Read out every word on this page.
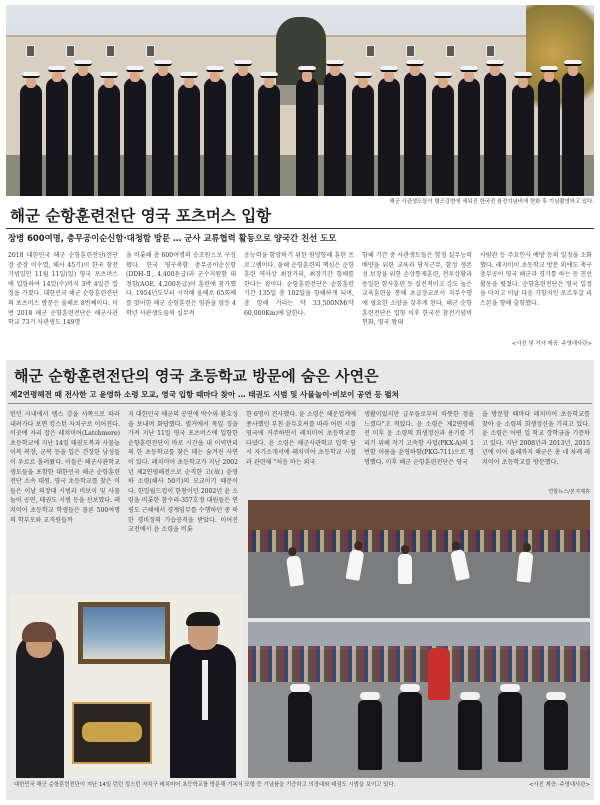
해군 사관생도들이 템즈강변에 세워진 한국전 참전기념비에 헌화 후 기념촬영하고 있다.
해군 순항훈련전단 영국 포츠머스 입항
장병 600여명, 충무공이순신함·대청함 방문 … 군사 교류협력 활동으로 양국간 친선 도모
2018 대한민국 해군 순항훈련전단(전단장 준장 이수열, 해사 45기)이 한국 참전기념일인 11월 11일(일) 영국 포츠머스에 입항하여 14일(수)까지 3박 4일간 일정을 가졌다. 대한민국 해군 순항훈련전단의 포츠머스 방문은 올해로 8번째이다. 이번 2018 해군 순항훈련전단은 해군사관학교 73기 사관생도 149명
을 비롯해 총 600여명의 승조원으로 구성됐다. 한국 영구축함 충무공이순신함(DDH-Ⅱ, 4,400톤급)과 군수지원함 대청함(AOE, 4,200톤급)이 훈련에 참가했다. 1954년도부터 시작해 올해로 65회째를 맞이한 해군 순항훈련은 임관을 앞둔 4학년 사관생도들의 실무적
응능력을 함양하기 위한 원양항해 훈련 프로그램이다. 올해 순항훈련의 핵심은 순항훈련 역사상 최장거리, 최장기간 항해를 한다는 점이다. 순항훈련전단은 순항훈련 기간 135일 총 102일을 항해하게 되며, 총 항해 거리는 약 33,500NM(약 60,000Km)에 달한다.
항해 기간 중 사관생도들은 함정 실무능력배양을 위한 교육과 당직근무, 함정 생존성 보장을 위한 손상통제훈련, 전투상황과 동일한 함사훈련 등 실전적이고 강도 높은 교육훈련을 통해 초급장교로서 직무수행에 필요한 소양을 갖추게 된다. 해군 순항훈련전단은 입항 이후 한국전 참전기념비 헌화, 영국 왕대
사람관 등 주요인사 예방 등의 일정을 소화했다. 레지미이 초등학교 방문 외에도 축구 충무공이 영국 해군과 경기를 하는 등 친선 활동을 펼쳤다. 순항훈련전단은 영국 일정을 마치고 이날 다음 기항지인 포르투갈 리스본을 향해 출항했다.
<사진 및 기사 제공: 주영대사관>
해군 순항훈련전단의 영국 초등학교 방문에 숨은 사연은
제2연평해전 때 전사한 고 윤영하 소령 모교, 영국 입항 때마다 찾아 … 태권도 시범 및 사물놀이·비보이 공연 등 펼쳐
런던 시내에서 템스 강을 서쪽으로 따라 내려가다 보면 킹스턴 자치구로 이어진다. 이곳에 자리 잡은 레치미어(Latchmere) 초등학교에 지난 14일 태권도복과 사물놀이복 복장, 군복 등을 입은 건장한 남성들이 우르르 몰려왔다. 이들은 해군사관학교 생도들을 포함한 대한민국 해군 순항훈련전단 소속 대원. 영국 초등학교를 찾은 이들은 이날 의장대 시범과 비보이 및 사물놀이 공연, 태권도 시범 등을 선보였다. 레치미어 초등학교 학생들은 물론 500여명의 학부모와 교직원들까
지 대한민국 해군의 공연에 박수와 환호성을 보내며 화답했다. 별거에서 목일 징을 가져 지난 11일 영국 포츠머스에 입항한 순항훈련전단이 바로 시간을 내 이역만리의 한 초등학교를 찾은 데는 숨겨진 사연이 있다. 레치미어 초등학교가 지난 2002년 제2연평해전으로 순직한 고(故) 윤영하 소령(해사 50기)의 모교이기 때문이다. 한일월드컵이 한창이던 2002년 윤 소령을 비롯한 참수리-357호정 대원들은 연평도 근해에서 경계임무를 수행하던 중 북한 경비정의 기습공격을 받았다. 이어진 교전에서 윤 소령을 비롯
한 6명이 전사했다. 윤 소령은 해운업계에 종사했던 부친 윤두호씨를 따라 어린 시절 영국에 거주하면서 레치미어 초등학교를 다녔다. 윤 소령은 해군사관학교 입학 당시 자기소개서에 레치미어 초등학교 시절과 관련해 "처음 하는 외국
생활이었지만 급우들로부터 따뜻한 정을 느꼈다"고 적었다. 윤 소령은 제2연평해전 이후 윤 소령의 희생정신과 용기를 기리기 위해 작기 고속함 사업(PKX-A)의 1번함 이름을 윤영하함(PKG-711)으로 명명했다. 이후 해군 순항훈련전단은 영국
을 방문할 때마다 레치미어 초등학교를 찾아 윤 소령의 희생정신을 기리고 있다. 윤 소령은 어떤 일 학교 장학금을 기증하고 있다. 지난 2008년과 2013년, 2015년에 이어 올해까지 해군은 총 네 차례 레치미어 초등학교를 방문했다.
연합뉴스/본지제휴
대한민국 해군 순항훈련전단이 지난 14일 런던 킹스턴 자치구 레치미어 초등학교를 방문해 기복식 모형 등 기념품을 기증하고 의장대와 태권도 시범을 보이고 있다.	<사진 제공: 주영대사관>
